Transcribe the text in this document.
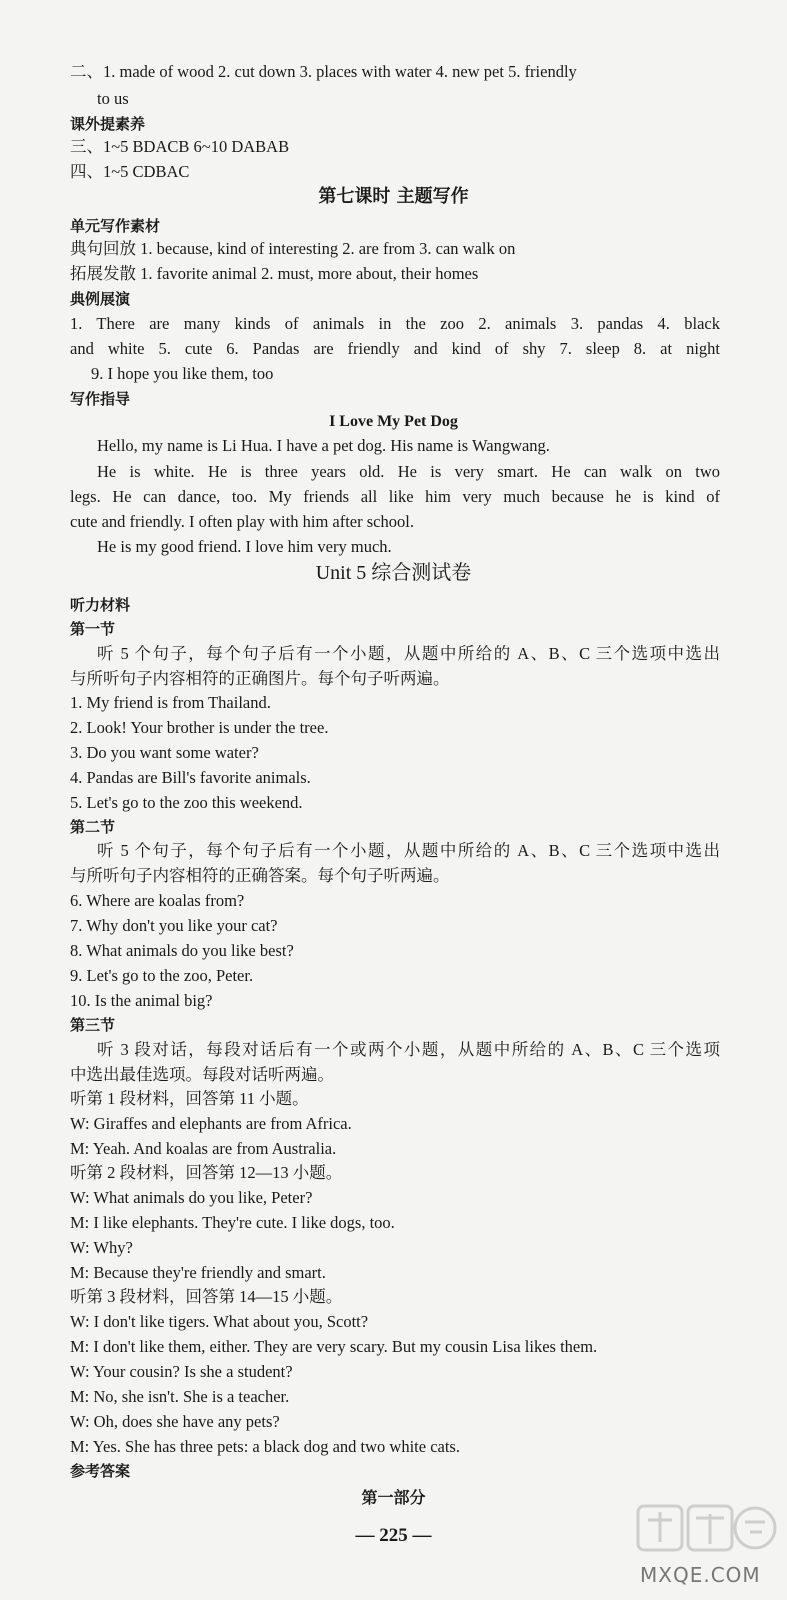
二、1. made of wood 2. cut down 3. places with water 4. new pet 5. friendly
to us
课外提素养
三、1~5 BDACB 6~10 DABAB
四、1~5 CDBAC
第七课时 主题写作
单元写作素材
典句回放 1. because, kind of interesting 2. are from 3. can walk on
拓展发散 1. favorite animal 2. must, more about, their homes
典例展演
1. There are many kinds of animals in the zoo 2. animals 3. pandas 4. black
and white 5. cute 6. Pandas are friendly and kind of shy 7. sleep 8. at night
9. I hope you like them, too
写作指导
I Love My Pet Dog
Hello, my name is Li Hua. I have a pet dog. His name is Wangwang.
He is white. He is three years old. He is very smart. He can walk on two
legs. He can dance, too. My friends all like him very much because he is kind of
cute and friendly. I often play with him after school.
He is my good friend. I love him very much.
Unit 5 综合测试卷
听力材料
第一节
听 5 个句子，每个句子后有一个小题，从题中所给的 A、B、C 三个选项中选出
与所听句子内容相符的正确图片。每个句子听两遍。
1. My friend is from Thailand.
2. Look! Your brother is under the tree.
3. Do you want some water?
4. Pandas are Bill's favorite animals.
5. Let's go to the zoo this weekend.
第二节
听 5 个句子，每个句子后有一个小题，从题中所给的 A、B、C 三个选项中选出
与所听句子内容相符的正确答案。每个句子听两遍。
6. Where are koalas from?
7. Why don't you like your cat?
8. What animals do you like best?
9. Let's go to the zoo, Peter.
10. Is the animal big?
第三节
听 3 段对话，每段对话后有一个或两个小题，从题中所给的 A、B、C 三个选项
中选出最佳选项。每段对话听两遍。
听第 1 段材料，回答第 11 小题。
W: Giraffes and elephants are from Africa.
M: Yeah. And koalas are from Australia.
听第 2 段材料，回答第 12—13 小题。
W: What animals do you like, Peter?
M: I like elephants. They're cute. I like dogs, too.
W: Why?
M: Because they're friendly and smart.
听第 3 段材料，回答第 14—15 小题。
W: I don't like tigers. What about you, Scott?
M: I don't like them, either. They are very scary. But my cousin Lisa likes them.
W: Your cousin? Is she a student?
M: No, she isn't. She is a teacher.
W: Oh, does she have any pets?
M: Yes. She has three pets: a black dog and two white cats.
参考答案
第一部分
— 225 —
MXQE.COM
